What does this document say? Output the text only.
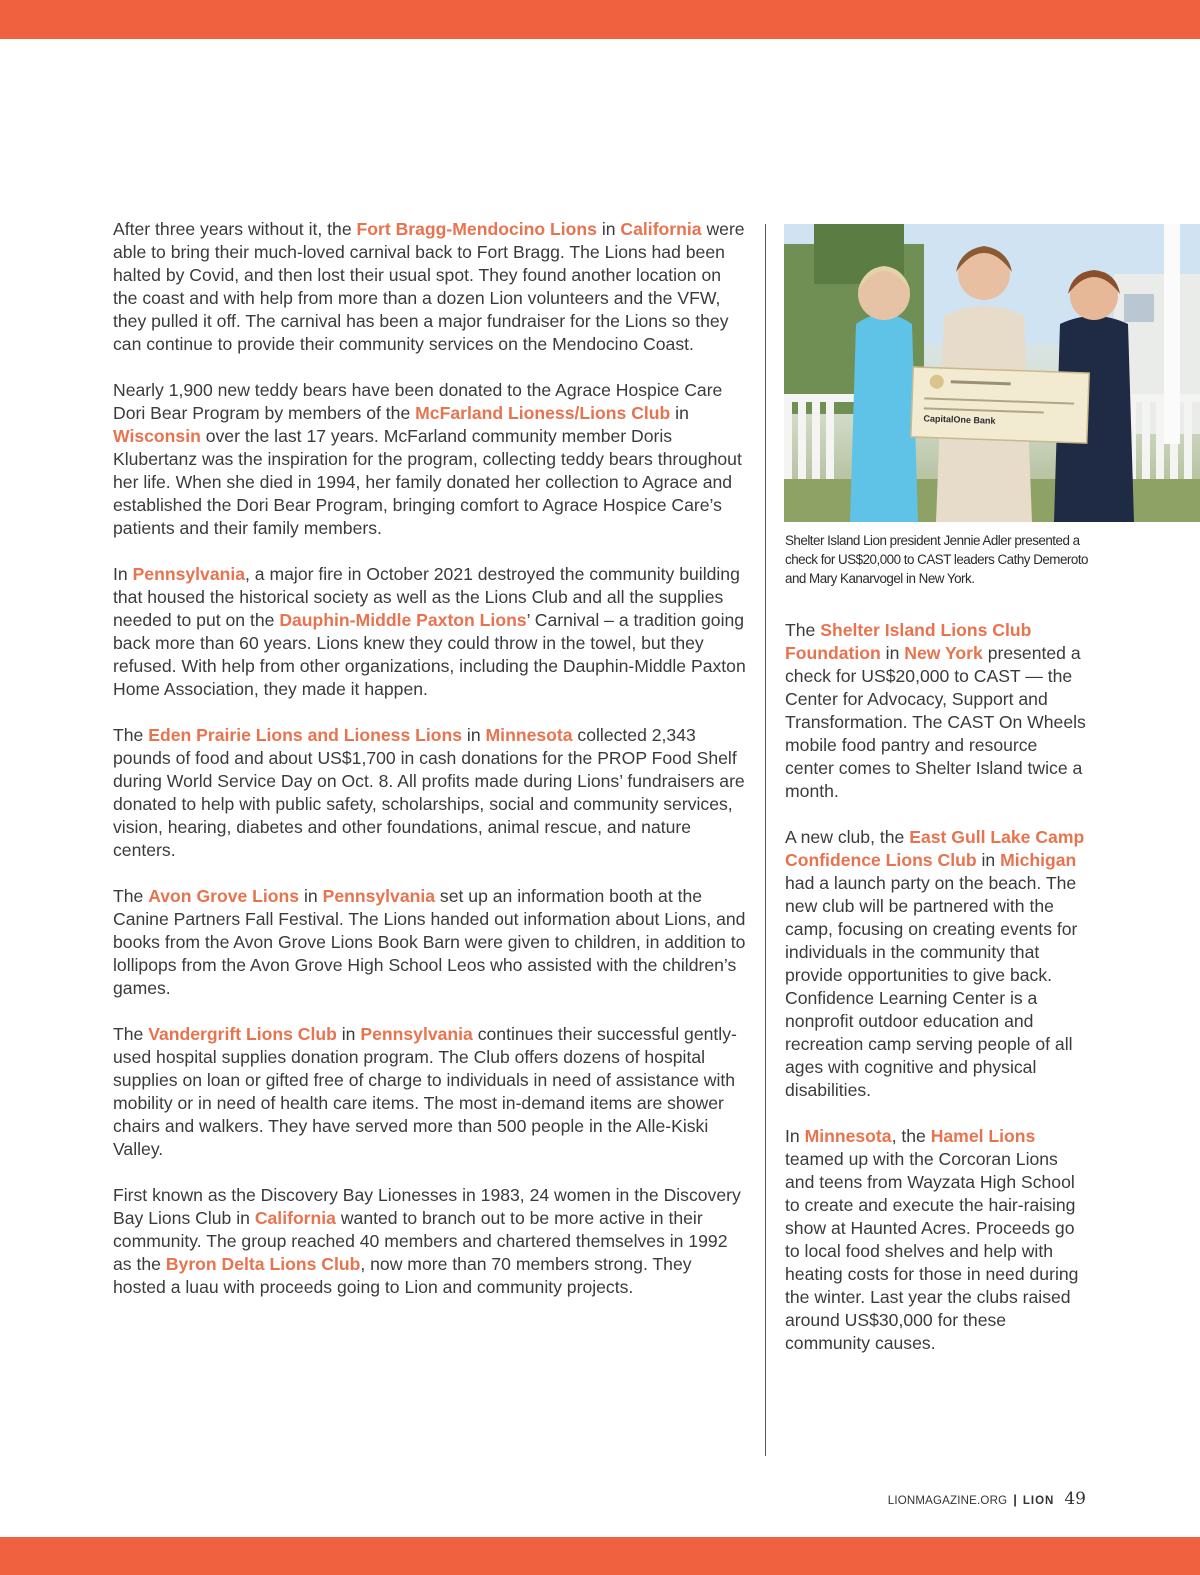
After three years without it, the Fort Bragg-Mendocino Lions in California were able to bring their much-loved carnival back to Fort Bragg. The Lions had been halted by Covid, and then lost their usual spot. They found another location on the coast and with help from more than a dozen Lion volunteers and the VFW, they pulled it off. The carnival has been a major fundraiser for the Lions so they can continue to provide their community services on the Mendocino Coast.

Nearly 1,900 new teddy bears have been donated to the Agrace Hospice Care Dori Bear Program by members of the McFarland Lioness/Lions Club in Wisconsin over the last 17 years. McFarland community member Doris Klubertanz was the inspiration for the program, collecting teddy bears throughout her life. When she died in 1994, her family donated her collection to Agrace and established the Dori Bear Program, bringing comfort to Agrace Hospice Care’s patients and their family members.

In Pennsylvania, a major fire in October 2021 destroyed the community building that housed the historical society as well as the Lions Club and all the supplies needed to put on the Dauphin-Middle Paxton Lions’ Carnival – a tradition going back more than 60 years. Lions knew they could throw in the towel, but they refused. With help from other organizations, including the Dauphin-Middle Paxton Home Association, they made it happen.

The Eden Prairie Lions and Lioness Lions in Minnesota collected 2,343 pounds of food and about US$1,700 in cash donations for the PROP Food Shelf during World Service Day on Oct. 8. All profits made during Lions’ fundraisers are donated to help with public safety, scholarships, social and community services, vision, hearing, diabetes and other foundations, animal rescue, and nature centers.

The Avon Grove Lions in Pennsylvania set up an information booth at the Canine Partners Fall Festival. The Lions handed out information about Lions, and books from the Avon Grove Lions Book Barn were given to children, in addition to lollipops from the Avon Grove High School Leos who assisted with the children’s games.

The Vandergrift Lions Club in Pennsylvania continues their successful gently-used hospital supplies donation program. The Club offers dozens of hospital supplies on loan or gifted free of charge to individuals in need of assistance with mobility or in need of health care items. The most in-demand items are shower chairs and walkers. They have served more than 500 people in the Alle-Kiski Valley.

First known as the Discovery Bay Lionesses in 1983, 24 women in the Discovery Bay Lions Club in California wanted to branch out to be more active in their community. The group reached 40 members and chartered themselves in 1992 as the Byron Delta Lions Club, now more than 70 members strong. They hosted a luau with proceeds going to Lion and community projects.

CapitalOne Bank
Shelter Island Lion president Jennie Adler presented a check for US$20,000 to CAST leaders Cathy Demeroto and Mary Kanarvogel in New York.

The Shelter Island Lions Club Foundation in New York presented a check for US$20,000 to CAST — the Center for Advocacy, Support and Transformation. The CAST On Wheels mobile food pantry and resource center comes to Shelter Island twice a month.

A new club, the East Gull Lake Camp Confidence Lions Club in Michigan had a launch party on the beach. The new club will be partnered with the camp, focusing on creating events for individuals in the community that provide opportunities to give back. Confidence Learning Center is a nonprofit outdoor education and recreation camp serving people of all ages with cognitive and physical disabilities.

In Minnesota, the Hamel Lions teamed up with the Corcoran Lions and teens from Wayzata High School to create and execute the hair-raising show at Haunted Acres. Proceeds go to local food shelves and help with heating costs for those in need during the winter. Last year the clubs raised around US$30,000 for these community causes.

LIONMAGAZINE.ORG | LION 49
